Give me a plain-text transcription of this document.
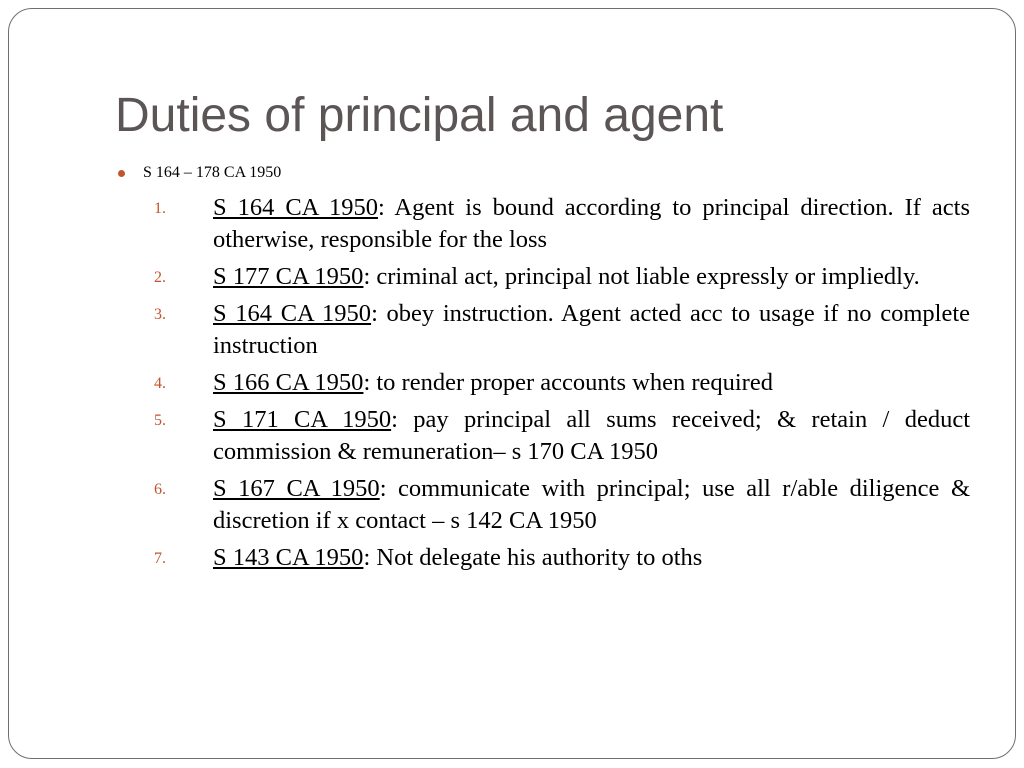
Duties of principal and agent
S 164 – 178 CA 1950
1. S 164 CA 1950: Agent is bound according to principal direction. If acts otherwise, responsible for the loss
2. S 177 CA 1950: criminal act, principal not liable expressly or impliedly.
3. S 164 CA 1950: obey instruction. Agent acted acc to usage if no complete instruction
4. S 166 CA 1950: to render proper accounts when required
5. S 171 CA 1950: pay principal all sums received; & retain / deduct commission & remuneration– s 170 CA 1950
6. S 167 CA 1950: communicate with principal; use all r/able diligence & discretion if x contact – s 142 CA 1950
7. S 143 CA 1950: Not delegate his authority to oths
